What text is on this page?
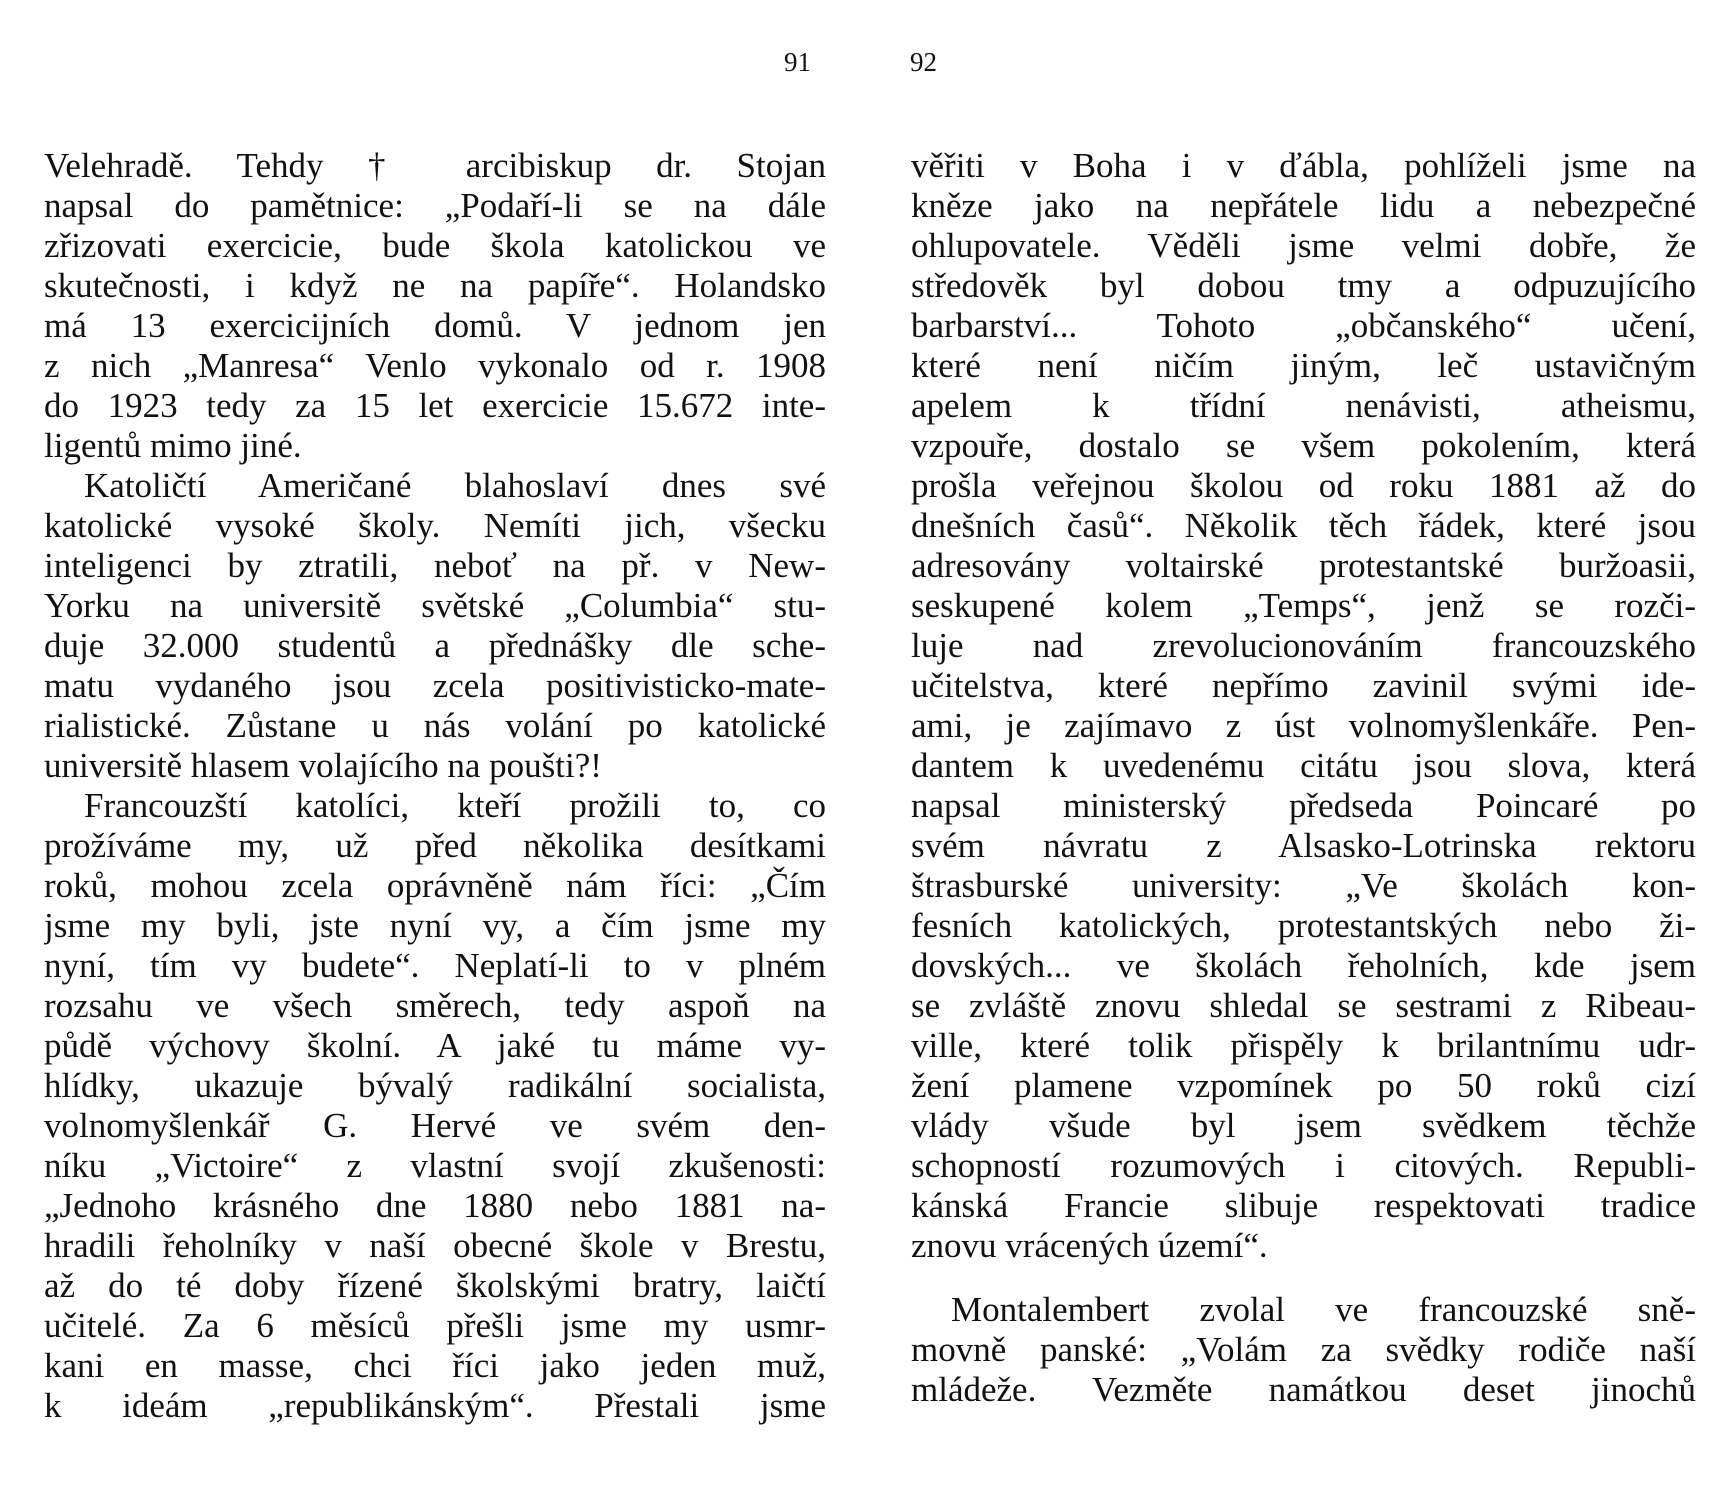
91	92
Velehradě. Tehdy † arcibiskup dr. Stojan
napsal do pamětnice: „Podaří-li se na dále
zřizovati exercicie, bude škola katolickou ve
skutečnosti, i když ne na papíře“. Holandsko
má 13 exercicijních domů. V jednom jen
z nich „Manresa“ Venlo vykonalo od r. 1908
do 1923 tedy za 15 let exercicie 15.672 inte-
ligentů mimo jiné.
Katoličtí Američané blahoslaví dnes své
katolické vysoké školy. Nemíti jich, všecku
inteligenci by ztratili, neboť na př. v New-
Yorku na universitě světské „Columbia“ stu-
duje 32.000 studentů a přednášky dle sche-
matu vydaného jsou zcela positivisticko-mate-
rialistické. Zůstane u nás volání po katolické
universitě hlasem volajícího na poušti?!
Francouzští katolíci, kteří prožili to, co
prožíváme my, už před několika desítkami
roků, mohou zcela oprávněně nám říci: „Čím
jsme my byli, jste nyní vy, a čím jsme my
nyní, tím vy budete“. Neplatí-li to v plném
rozsahu ve všech směrech, tedy aspoň na
půdě výchovy školní. A jaké tu máme vy-
hlídky, ukazuje bývalý radikální socialista,
volnomyšlenkář G. Hervé ve svém den-
níku „Victoire“ z vlastní svojí zkušenosti:
„Jednoho krásného dne 1880 nebo 1881 na-
hradili řeholníky v naší obecné škole v Brestu,
až do té doby řízené školskými bratry, laičtí
učitelé. Za 6 měsíců přešli jsme my usmr-
kani en masse, chci říci jako jeden muž,
k ideám „republikánským“. Přestali jsme
věřiti v Boha i v ďábla, pohlíželi jsme na
kněze jako na nepřátele lidu a nebezpečné
ohlupovatele. Věděli jsme velmi dobře, že
středověk byl dobou tmy a odpuzujícího
barbarství... Tohoto „občanského“ učení,
které není ničím jiným, leč ustavičným
apelem k třídní nenávisti, atheismu,
vzpouře, dostalo se všem pokolením, která
prošla veřejnou školou od roku 1881 až do
dnešních časů“. Několik těch řádek, které jsou
adresovány voltairské protestantské buržoasii,
seskupené kolem „Temps“, jenž se rozči-
luje nad zrevolucionováním francouzského
učitelstva, které nepřímo zavinil svými ide-
ami, je zajímavo z úst volnomyšlenkáře. Pen-
dantem k uvedenému citátu jsou slova, která
napsal ministerský předseda Poincaré po
svém návratu z Alsasko-Lotrinska rektoru
štrasburské university: „Ve školách kon-
fesních katolických, protestantských nebo ži-
dovských... ve školách řeholních, kde jsem
se zvláště znovu shledal se sestrami z Ribeau-
ville, které tolik přispěly k brilantnímu udr-
žení plamene vzpomínek po 50 roků cizí
vlády všude byl jsem svědkem těchže
schopností rozumových i citových. Republi-
kánská Francie slibuje respektovati tradice
znovu vrácených území“.
Montalembert zvolal ve francouzské sně-
movně panské: „Volám za svědky rodiče naší
mládeže. Vezměte namátkou deset jinochů
